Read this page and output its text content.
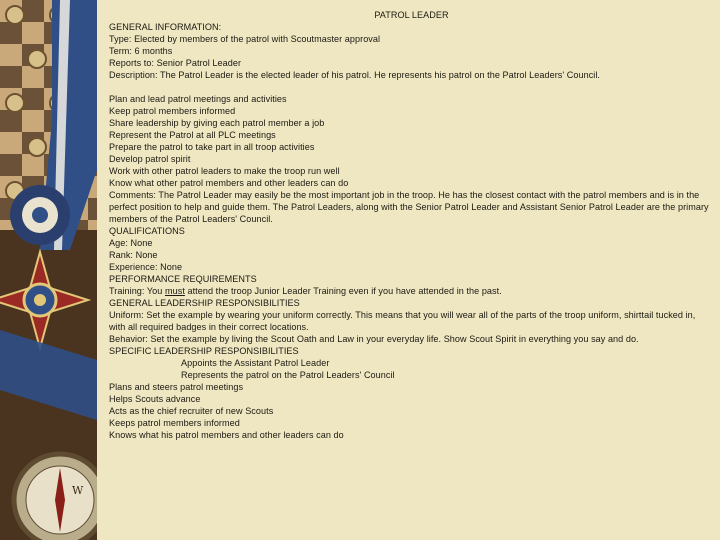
W
PATROL LEADER
GENERAL INFORMATION:
Type: Elected by members of the patrol with Scoutmaster approval
Term: 6 months
Reports to: Senior Patrol Leader
Description: The Patrol Leader is the elected leader of his patrol. He represents his patrol on the Patrol Leaders' Council.
Plan and lead patrol meetings and activities
Keep patrol members informed
Share leadership by giving each patrol member a job
Represent the Patrol at all PLC meetings
Prepare the patrol to take part in all troop activities
Develop patrol spirit
Work with other patrol leaders to make the troop run well
Know what other patrol members and other leaders can do
Comments: The Patrol Leader may easily be the most important job in the troop. He has the closest contact with the patrol members and is in the perfect position to help and guide them. The Patrol Leaders, along with the Senior Patrol Leader and Assistant Senior Patrol Leader are the primary members of the Patrol Leaders' Council.
QUALIFICATIONS
Age: None
Rank: None
Experience: None
PERFORMANCE REQUIREMENTS
Training: You must attend the troop Junior Leader Training even if you have attended in the past.
GENERAL LEADERSHIP RESPONSIBILITIES
Uniform: Set the example by wearing your uniform correctly. This means that you will wear all of the parts of the troop uniform, shirttail tucked in, with all required badges in their correct locations.
Behavior: Set the example by living the Scout Oath and Law in your everyday life. Show Scout Spirit in everything you say and do.
SPECIFIC LEADERSHIP RESPONSIBILITIES
Appoints the Assistant Patrol Leader
Represents the patrol on the Patrol Leaders' Council
Plans and steers patrol meetings
Helps Scouts advance
Acts as the chief recruiter of new Scouts
Keeps patrol members informed
Knows what his patrol members and other leaders can do
